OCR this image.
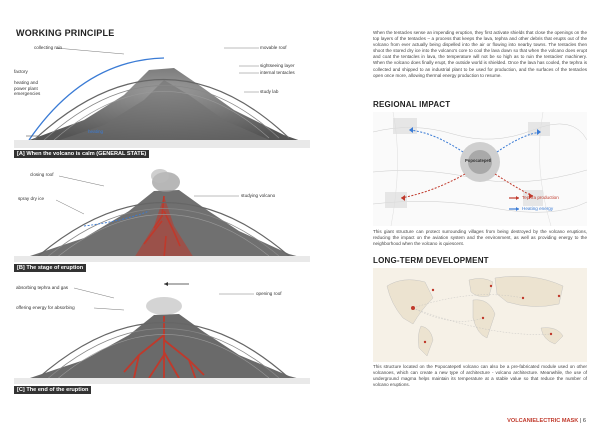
WORKING PRINCIPLE
collecting rain
factory
heating and
power plant
emergencies
movable roof
sightseeing layer
internal tentacles
study lab
heating
[A] When the volcano is calm (GENERAL STATE)
closing roof
spray dry ice
studying volcano
[B] The stage of eruption
absorbing tephra and gas
offering energy for absorbing
opening roof
[C] The end of the eruption
When the tentacles sense an impending eruption, they first activate shields that close the openings on the top layers of the tentacles – a process that keeps the lava, tephra and other debris that erupts out of the volcano from ever actually being dispelled into the air or flowing into nearby towns. The tentacles then shoot the stored dry ice into the volcano's core to cool the lava down so that when the volcano does erupt and coat the tentacles in lava, the temperature will not be so high as to ruin the tentacles' machinery. When the volcano does finally erupt, the outside world is shielded. Once the lava has cooled, the tephra is collected and shipped to an industrial plant to be used for production, and the surfaces of the tentacles open once more, allowing thermal energy production to resume.
REGIONAL IMPACT
Popocatepetl
Tephra production
Heating energy
This giant structure can protect surrounding villages from being destroyed by the volcano eruptions, reducing the impact on the aviation system and the environment, as well as providing energy to the neighborhood when the volcano is quiescent.
LONG-TERM DEVELOPMENT
This structure located on the Popocatepetl volcano can also be a pre-fabricated module used on other volcanoes, which can create a new type of architecture - volcano architecture. Meanwhile, the use of underground magma helps maintain its temperature at a stable value so that reduce the number of volcano eruptions.
VOLCANIELECTRIC MASK | 6
